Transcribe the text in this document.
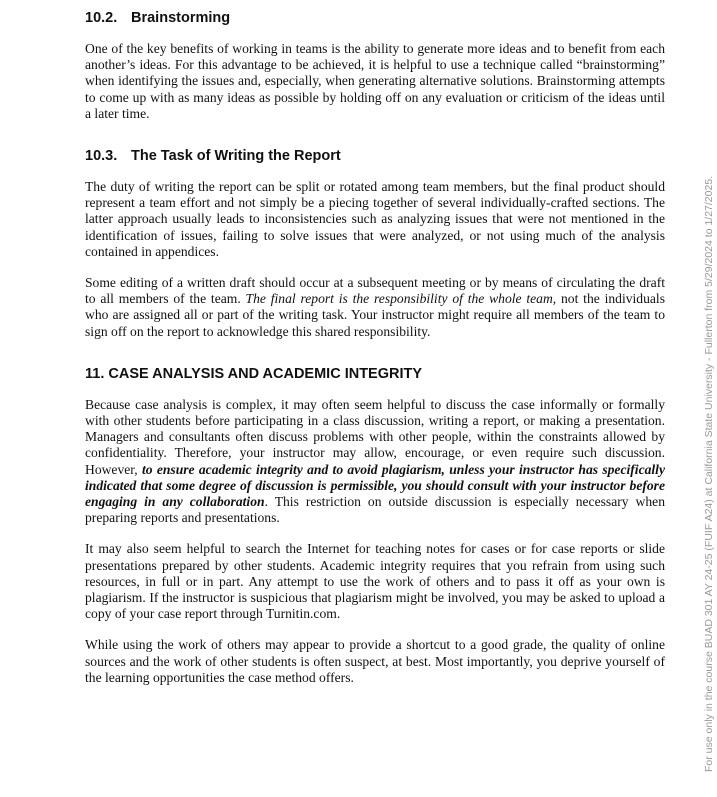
10.2. Brainstorming

One of the key benefits of working in teams is the ability to generate more ideas and to benefit from each another’s ideas. For this advantage to be achieved, it is helpful to use a technique called “brainstorming” when identifying the issues and, especially, when generating alternative solutions. Brainstorming attempts to come up with as many ideas as possible by holding off on any evaluation or criticism of the ideas until a later time.

10.3. The Task of Writing the Report

The duty of writing the report can be split or rotated among team members, but the final product should represent a team effort and not simply be a piecing together of several individually-crafted sections. The latter approach usually leads to inconsistencies such as analyzing issues that were not mentioned in the identification of issues, failing to solve issues that were analyzed, or not using much of the analysis contained in appendices.

Some editing of a written draft should occur at a subsequent meeting or by means of circulating the draft to all members of the team. The final report is the responsibility of the whole team, not the individuals who are assigned all or part of the writing task. Your instructor might require all members of the team to sign off on the report to acknowledge this shared responsibility.

11. CASE ANALYSIS AND ACADEMIC INTEGRITY

Because case analysis is complex, it may often seem helpful to discuss the case informally or formally with other students before participating in a class discussion, writing a report, or making a presentation. Managers and consultants often discuss problems with other people, within the constraints allowed by confidentiality. Therefore, your instructor may allow, encourage, or even require such discussion. However, to ensure academic integrity and to avoid plagiarism, unless your instructor has specifically indicated that some degree of discussion is permissible, you should consult with your instructor before engaging in any collaboration. This restriction on outside discussion is especially necessary when preparing reports and presentations.

It may also seem helpful to search the Internet for teaching notes for cases or for case reports or slide presentations prepared by other students. Academic integrity requires that you refrain from using such resources, in full or in part. Any attempt to use the work of others and to pass it off as your own is plagiarism. If the instructor is suspicious that plagiarism might be involved, you may be asked to upload a copy of your case report through Turnitin.com.

While using the work of others may appear to provide a shortcut to a good grade, the quality of online sources and the work of other students is often suspect, at best. Most importantly, you deprive yourself of the learning opportunities the case method offers.	For use only in the course BUAD 301 AY 24-25 (FUIF A24) at California State University - Fullerton from 5/29/2024 to 1/27/2025.
